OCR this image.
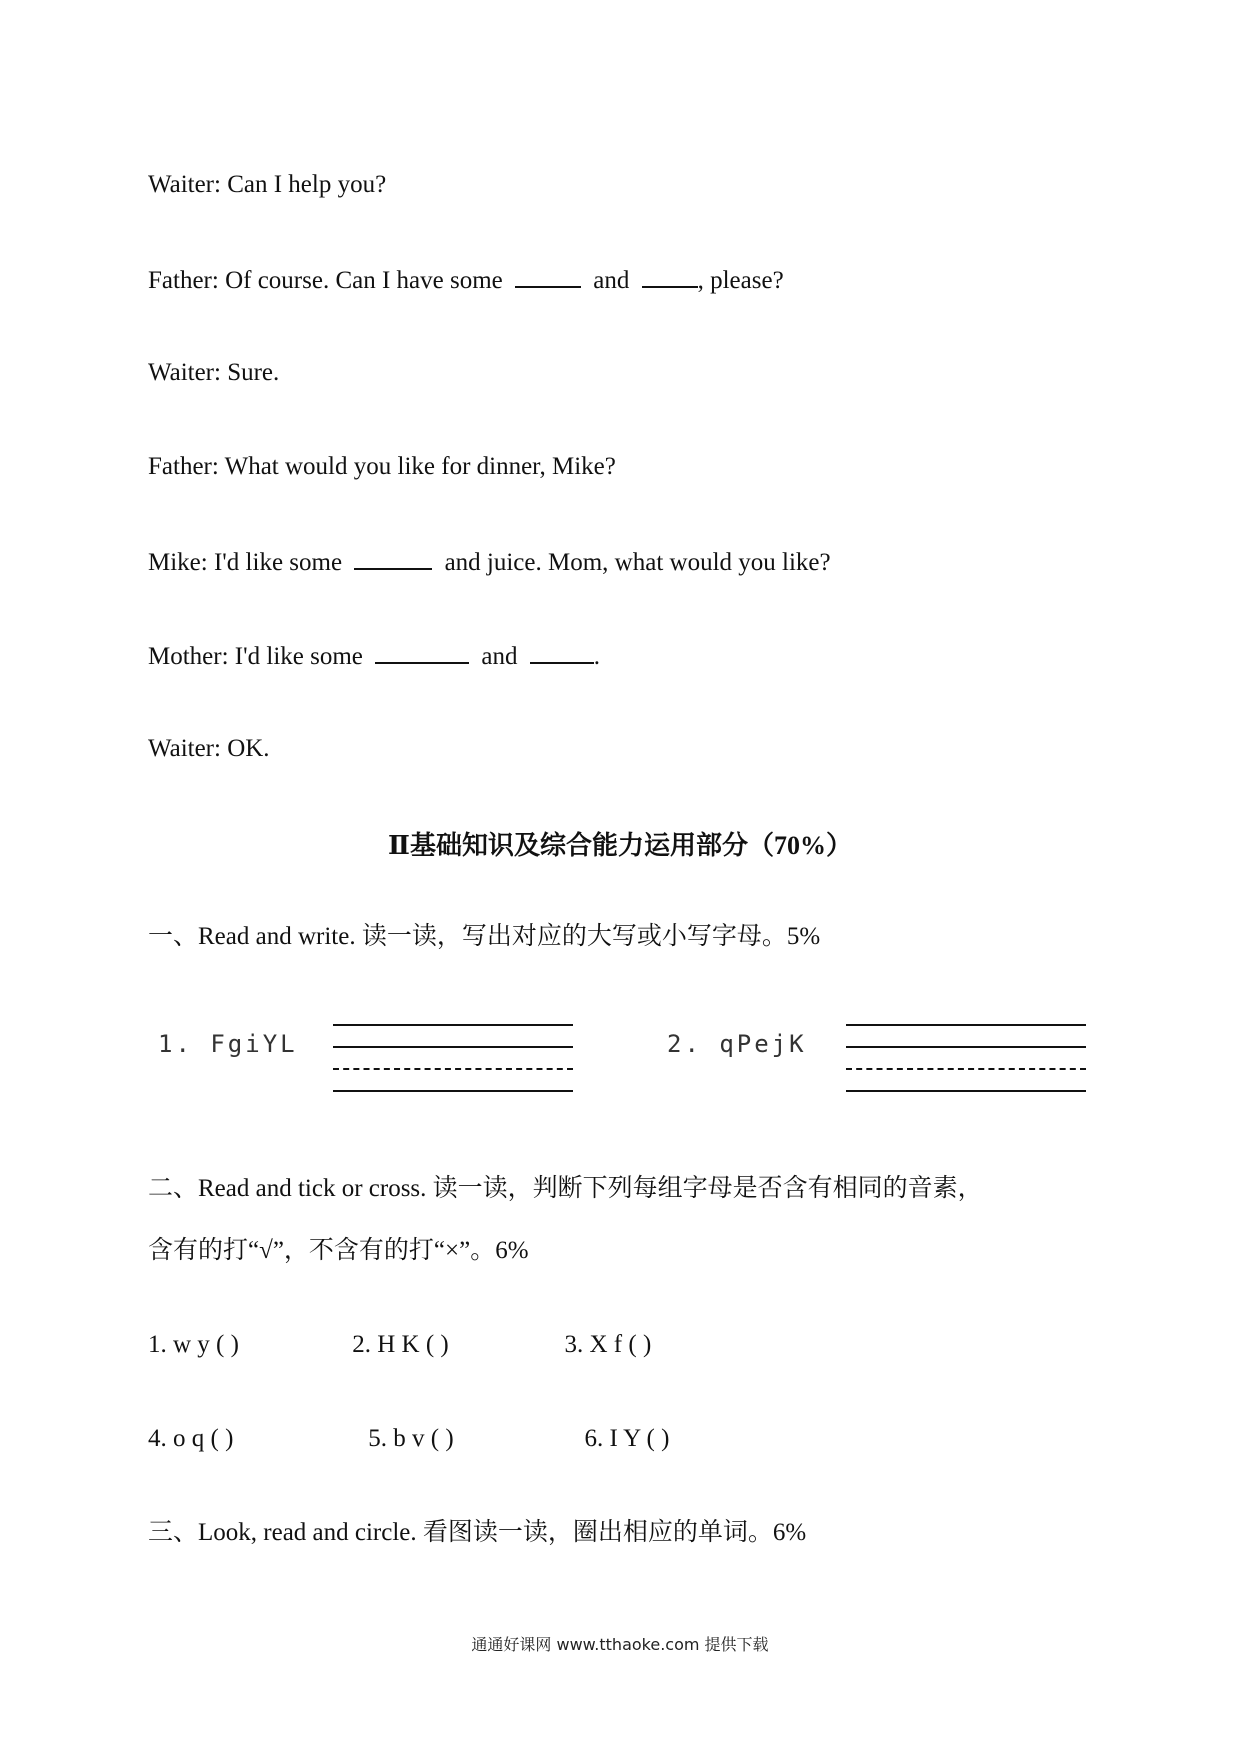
Waiter: Can I help you?
Father: Of course. Can I have some	and	, please?
Waiter: Sure.
Father: What would you like for dinner, Mike?
Mike: I'd like some	and juice. Mom, what would you like?
Mother: I'd like some	and	.
Waiter: OK.
Ⅱ基础知识及综合能力运用部分（70%）
一、Read and write. 读一读，写出对应的大写或小写字母。5%
1. FgiYL	2. qPejK
二、Read and tick or cross. 读一读，判断下列每组字母是否含有相同的音素，
含有的打“√”，不含有的打“×”。6%
1. w y ( )	2. H K ( )	3. X f ( )
4. o q ( )	5. b v ( )	6. I Y ( )
三、Look, read and circle. 看图读一读，圈出相应的单词。6%
通通好课网 www.tthaoke.com 提供下载
